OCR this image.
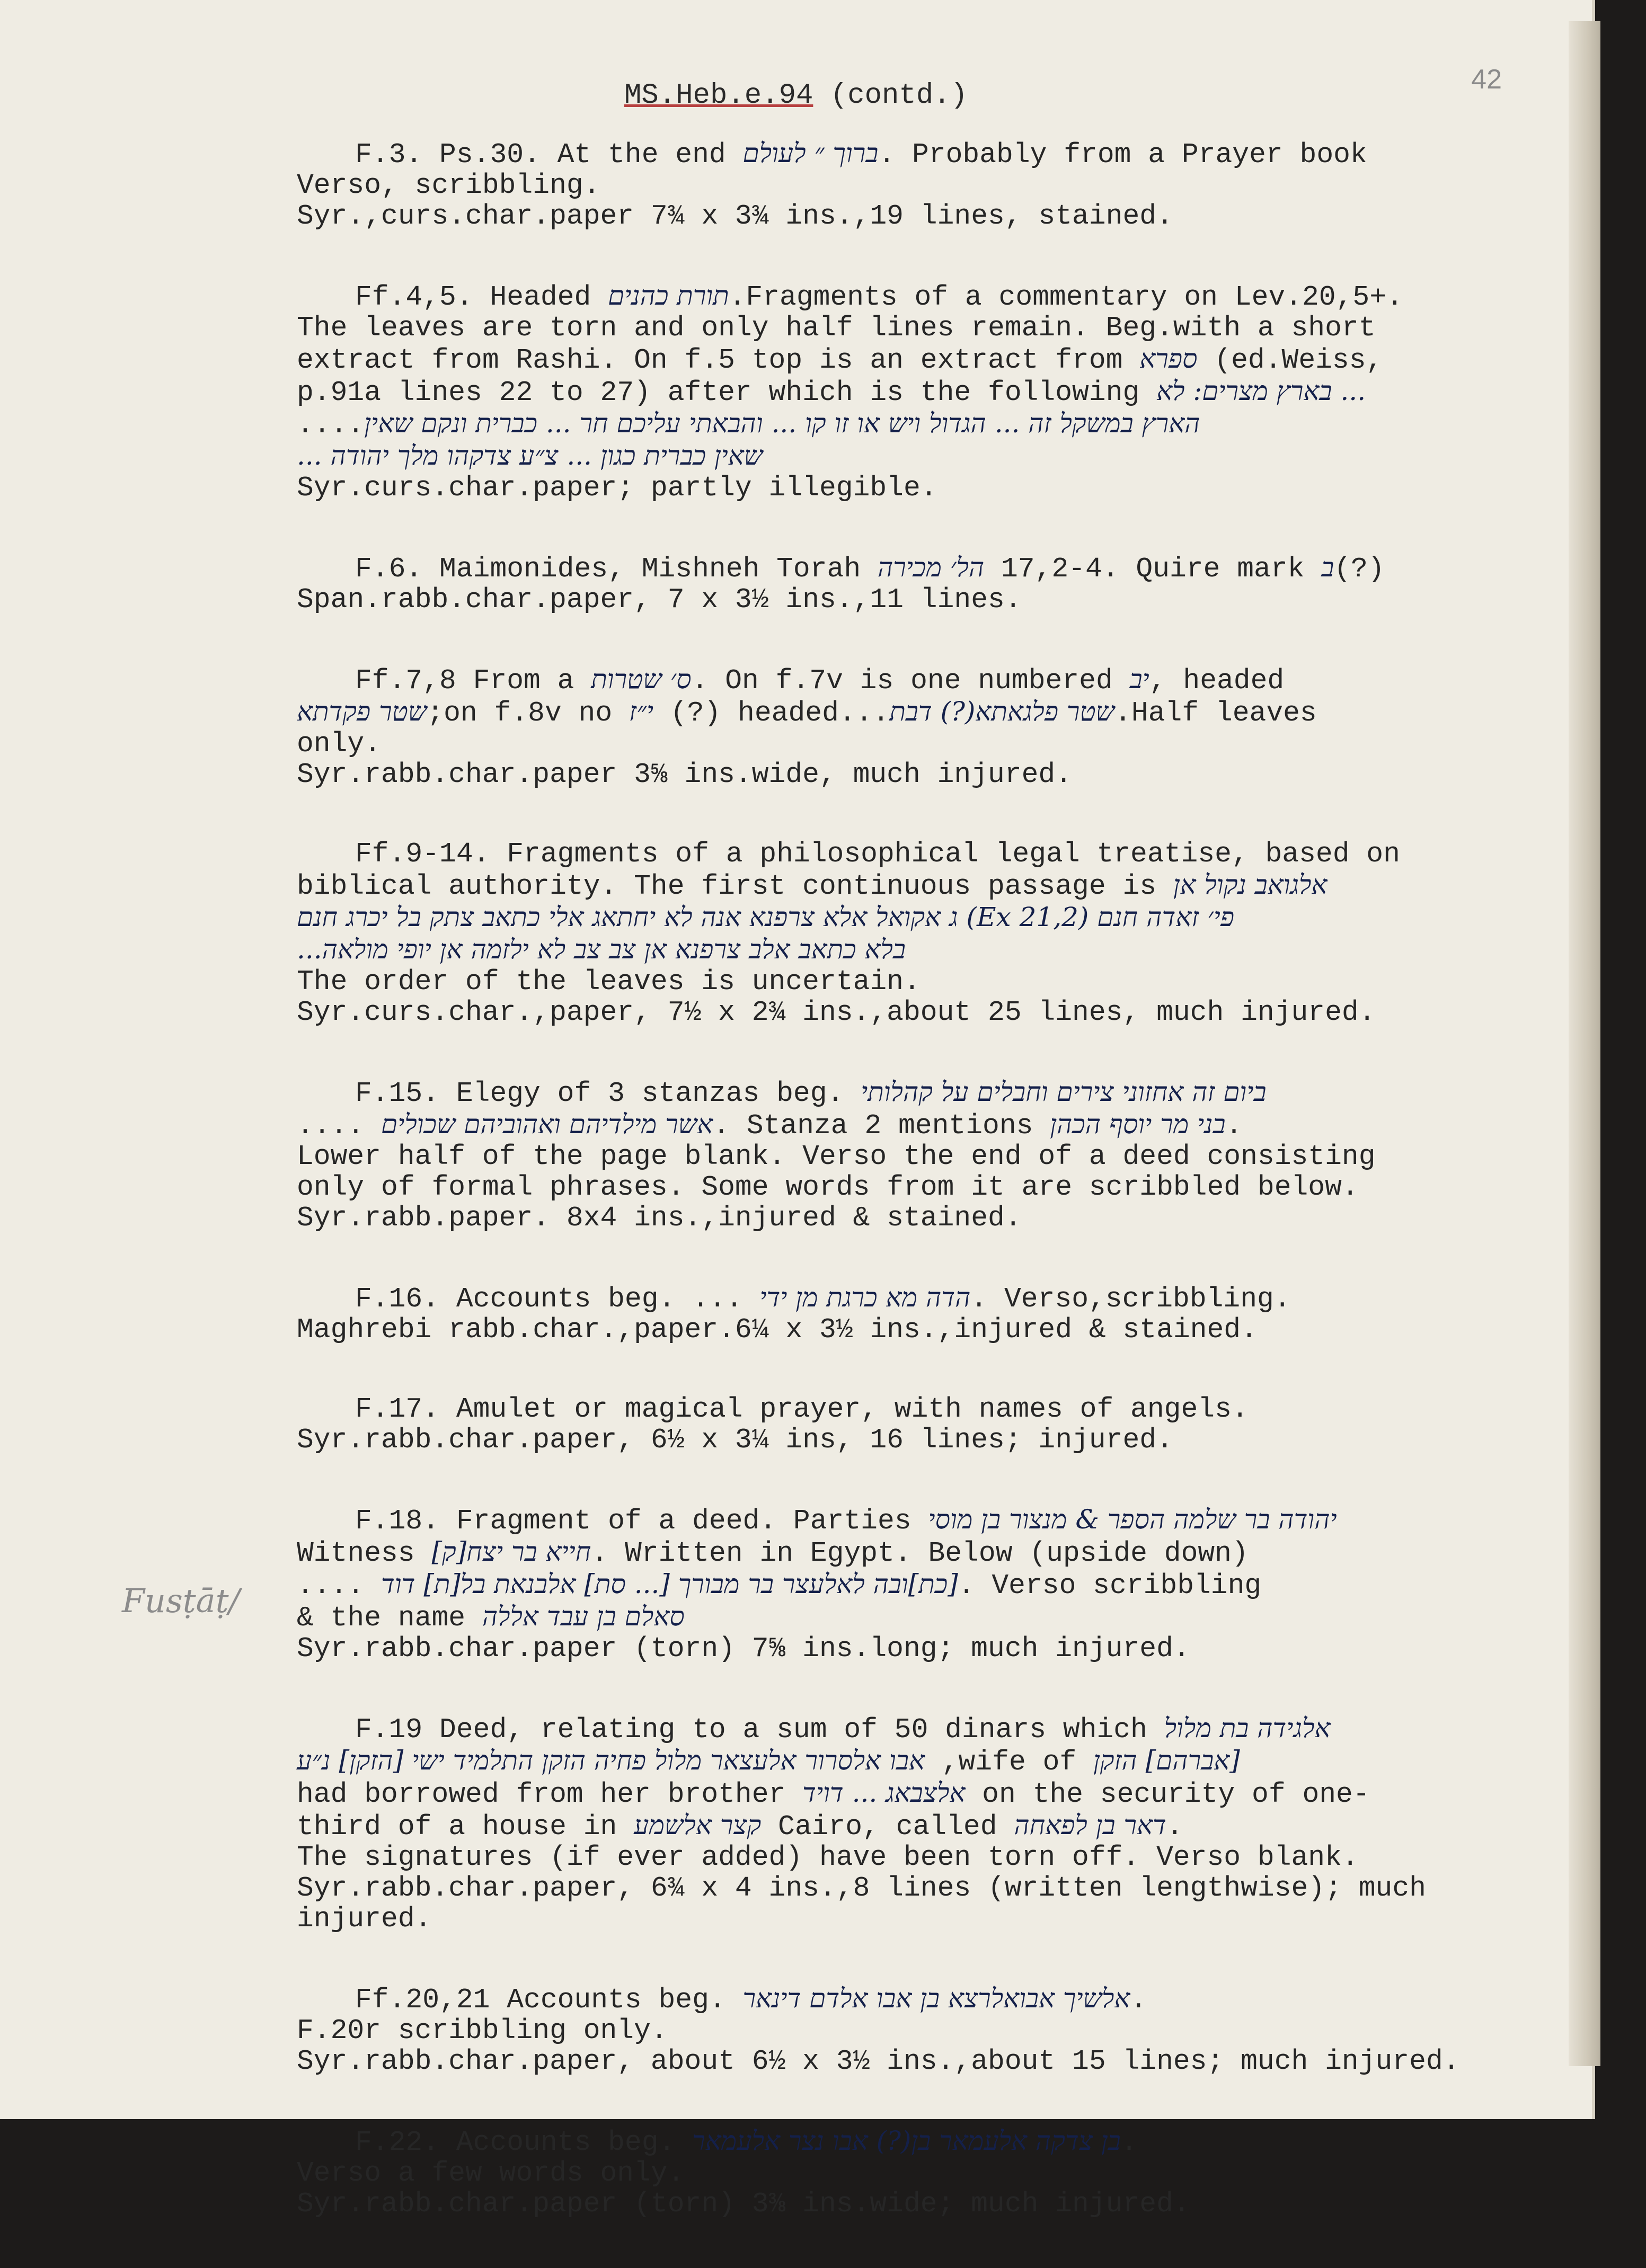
42
MS.Heb.e.94 (contd.)
Fusṭāṭ/
F.3. Ps.30. At the end ברוך ״ לעולם. Probably from a Prayer book
Verso, scribbling.
Syr.,curs.char.paper 7¾ x 3¾ ins.,19 lines, stained.
Ff.4,5. Headed תורת כהנים.Fragments of a commentary on Lev.20,5+.
The leaves are torn and only half lines remain. Beg.with a short
extract from Rashi. On f.5 top is an extract from ספרא (ed.Weiss,
p.91a lines 22 to 27) after which is the following ... בארץ מצרים: לא
....הארץ במשקל זה ... הגדול ויש או זו קו ... והבאתי עליכם חר ... כברית ונקם שאין
שאין כברית כגון ... צ״ע צדקהו מלך יהודה ...
Syr.curs.char.paper; partly illegible.
F.6. Maimonides, Mishneh Torah הל׳ מכירה 17,2-4. Quire mark ב(?)
Span.rabb.char.paper, 7 x 3½ ins.,11 lines.
Ff.7,8 From a ס׳ שטרות. On f.7v is one numbered יב, headed
שטר פקדתא;on f.8v no י״ז (?) headed...שטר פלגאתא(?) דבת.Half leaves
only.
Syr.rabb.char.paper 3⅝ ins.wide, much injured.
Ff.9-14. Fragments of a philosophical legal treatise, based on
biblical authority. The first continuous passage is אלגואב נקול אן
פי׳ זאדה חנם (Ex 21,2) ג אקואל אלא צרפנא אנה לא יחתאג אלי כתאב צתק בל יכרג חנם
בלא כתאב אלב צרפנא אן צב צב לא ילזמה אן יופי מולאה...
The order of the leaves is uncertain.
Syr.curs.char.,paper, 7½ x 2¾ ins.,about 25 lines, much injured.
F.15. Elegy of 3 stanzas beg. ביום זה אחזוני צירים וחבלים על קהלותי
.... אשר מילדיהם ואהוביהם שכולים. Stanza 2 mentions בני מר יוסף הכהן.
Lower half of the page blank. Verso the end of a deed consisting
only of formal phrases. Some words from it are scribbled below.
Syr.rabb.paper. 8x4 ins.,injured & stained.
F.16. Accounts beg. ... הדה מא כרגת מן ידי. Verso,scribbling.
Maghrebi rabb.char.,paper.6¼ x 3½ ins.,injured & stained.
F.17. Amulet or magical prayer, with names of angels.
Syr.rabb.char.paper, 6½ x 3¼ ins, 16 lines; injured.
F.18. Fragment of a deed. Parties יהודה בר שלמה הספר & מנצור בן מוסי
Witness חייא בר יצח[ק]. Written in Egypt. Below (upside down)
.... [כת]ובה לאלעצר בר מבורך [... סת] אלבנאת בל[ת] דוד. Verso scribbling
& the name סאלם בן עבד אללה
Syr.rabb.char.paper (torn) 7⅝ ins.long; much injured.
F.19 Deed, relating to a sum of 50 dinars which אלגידה בת מלול
אבו אלסרור אלעצאר מלול פחיה הזקן התלמיד ישי [הזקן] נ״ע ,wife of [אברהם] הזקן
had borrowed from her brother אלצבאג ... דויד on the security of one-
third of a house in קצר אלשמע Cairo, called דאר בן לפאחה.
The signatures (if ever added) have been torn off. Verso blank.
Syr.rabb.char.paper, 6¾ x 4 ins.,8 lines (written lengthwise); much
injured.
Ff.20,21 Accounts beg. אלשיך אבואלרצא בן אבו אלדם דינאר.
F.20r scribbling only.
Syr.rabb.char.paper, about 6½ x 3½ ins.,about 15 lines; much injured.
F.22. Accounts beg. בן צדקה אלעמאר בן(?) אבו נצר אלעמאר.
Verso a few words only.
Syr.rabb.char.paper (torn) 3⅜ ins.wide; much injured.
